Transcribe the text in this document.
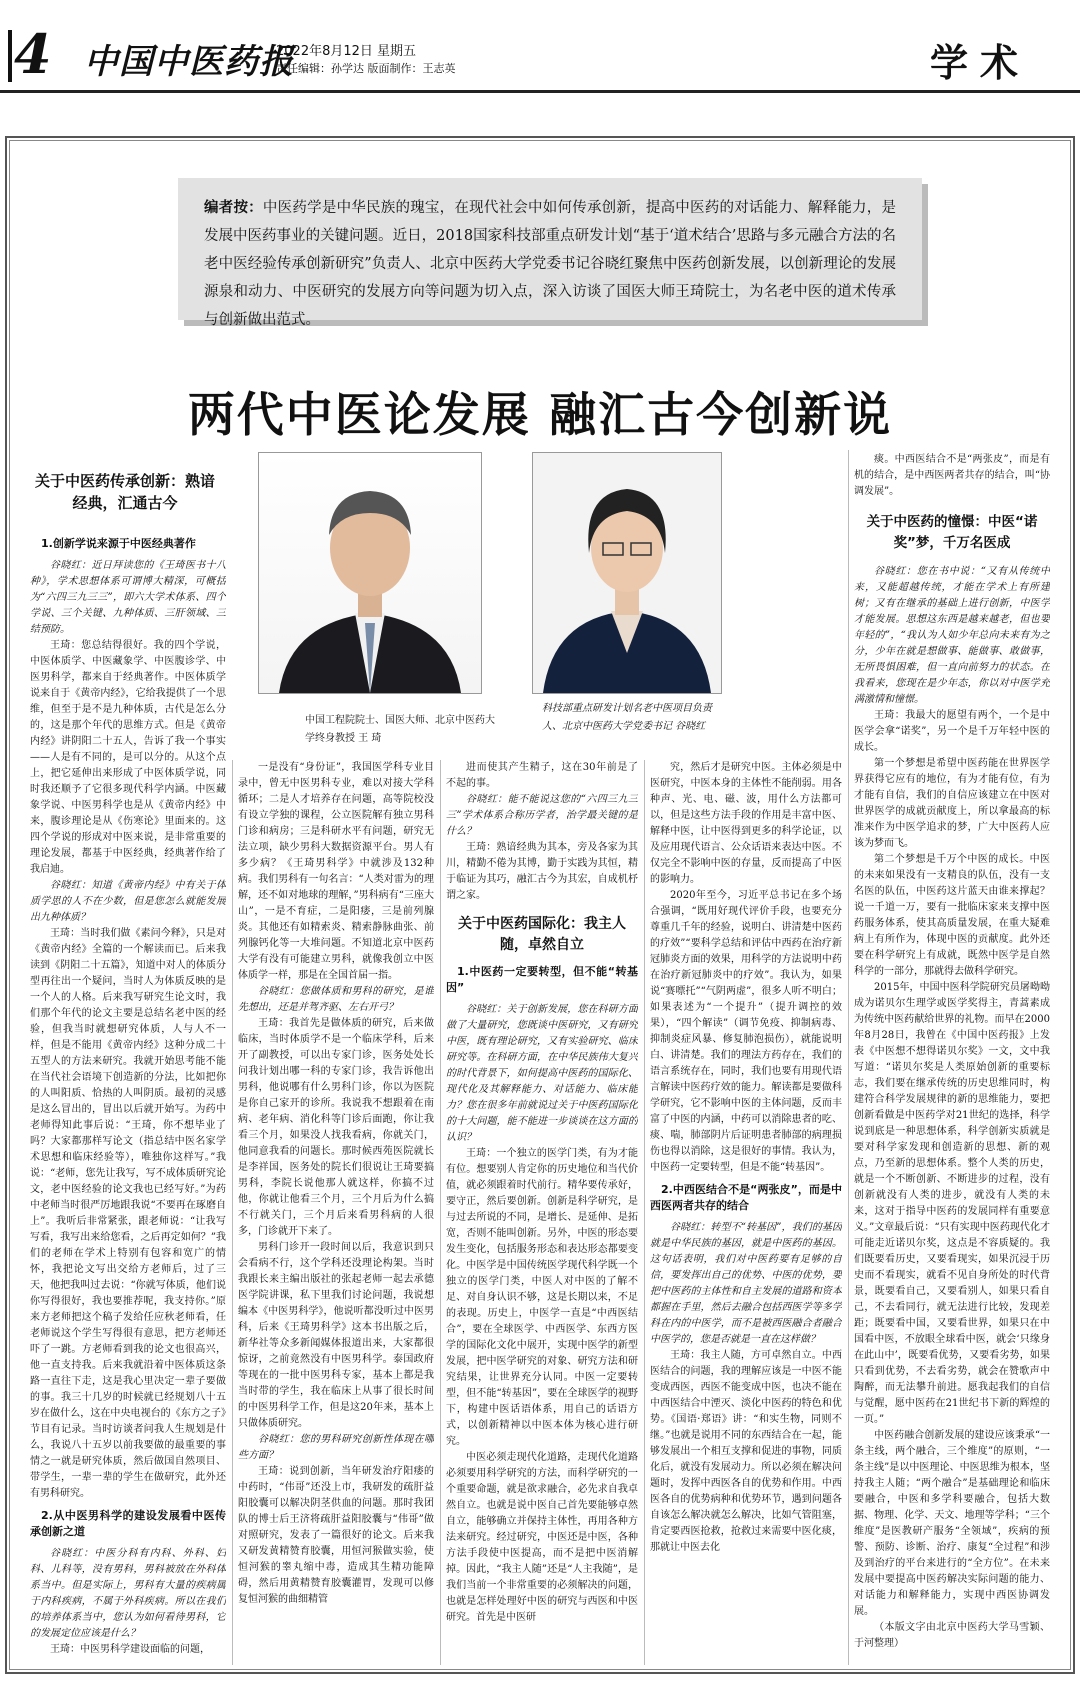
4 中国中医药报
2022年8月12日 星期五
责任编辑：孙学达 版面制作：王志英	学术
编者按：中医药学是中华民族的瑰宝，在现代社会中如何传承创新，提高中医药的对话能力、解释能力，是发展中医药事业的关键问题。近日，2018国家科技部重点研发计划“基于‘道术结合’思路与多元融合方法的名老中医经验传承创新研究”负责人、北京中医药大学党委书记谷晓红聚焦中医药创新发展，以创新理论的发展源泉和动力、中医研究的发展方向等问题为切入点，深入访谈了国医大师王琦院士，为名老中医的道术传承与创新做出范式。
两代中医论发展 融汇古今创新说
关于中医药传承创新：熟谙经典，汇通古今
1.创新学说来源于中医经典著作

谷晓红：近日拜读您的《王琦医书十八种》，学术思想体系可谓博大精深，可概括为“六四三九三三”，即六大学术体系、四个学说、三个关键、九种体质、三肝领域、三结预防。

王琦：您总结得很好。我的四个学说，中医体质学、中医藏象学、中医腹诊学、中医男科学，都来自于经典著作。中医体质学说来自于《黄帝内经》，它给我提供了一个思维，但至于是不是九种体质，古代是怎么分的，这是那个年代的思维方式。但是《黄帝内经》讲阴阳二十五人，告诉了我一个事实——人是有不同的，是可以分的。从这个点上，把它延伸出来形成了中医体质学说，同时我还顺予了它很多现代科学内涵。中医藏象学说、中医男科学也是从《黄帝内经》中来，腹诊理论是从《伤寒论》里面来的。这四个学说的形成对中医来说，是非常重要的理论发展，都基于中医经典，经典著作给了我启迪。

谷晓红：知道《黄帝内经》中有关于体质学思的人不在少数，但是您怎么就能发展出九种体质？

王琦：当时我们做《素问今释》，只是对《黄帝内经》全篇的一个解读而已。后来我读到《阴阳二十五篇》，知道中对人的体质分型再往出一个疑问，当时人为体质反映的是一个人的人格。后来我写研究生论文时，我们那个年代的论文主要是总结名老中医的经验，但我当时就想研究体质，人与人不一样，但是不能用《黄帝内经》这种分成二十五型人的方法来研究。我就开始思考能不能在当代社会语境下创造新的分法，比如把你的人叫阳质、恰热的人叫阴质。最初的灵感是这么冒出的，冒出以后就开始写。为药中老师得知此事后说：“王琦，你不想毕业了吗？大家都那样写论文（指总结中医名家学术思想和临床经验等），唯独你这样写。”我说：“老师，您先让我写，写不成体质研究论文，老中医经验的论文我也已经写好。”为药中老师当时很严厉地跟我说“不要再在琢磨自上”。我听后非常紧张，跟老师说：“让我写写看，我写出来给您看，之后再定如何？”我们的老师在学术上特别有包容和宽广的情怀，我把论文写出交给方老师后，过了三天，他把我叫过去说：“你就写体质，他们说你写得很好，我也要推荐呢，我支持你。”原来方老师把这个稿子发给任应秋老师看，任老师说这个学生写得很有意思，把方老师还吓了一跳。方老师看到我的论文也很高兴，他一直支持我。后来我就沿着中医体质这条路一直往下走，这是我心里决定一辈子要做的事。我三十几岁的时候就已经规划八十五岁在做什么，这在中央电视台的《东方之子》节目有记录。当时访谈者问我人生规划是什么，我说八十五岁以前我要做的最重要的事情之一就是研究体质，然后做国自然项目、带学生，一辈一辈的学生在做研究，此外还有男科研究。

2.从中医男科学的建设发展看中医传承创新之道

谷晓红：中医分科有内科、外科、妇科、儿科等，没有男科，男科被放在外科体系当中。但是实际上，男科有大量的疾病属于内科疾病，不属于外科疾病。所以在我们的培养体系当中，您认为如何看待男科，它的发展定位应该是什么？

王琦：中医男科学建设面临的问题，

中国工程院院士、国医大师、北京中医药大学终身教授 王 琦
科技部重点研发计划名老中医项目负责人、北京中医药大学党委书记 谷晓红

一是没有“身份证”，我国医学科专业目录中，曾无中医男科专业，难以对接大学科循环；二是人才培养存在问题，高等院校没有设立学独的课程，公立医院解有独立男科门诊和病房；三是科研水平有问题，研究无法立项，缺少男科大数据资源平台。男人有多少病？《王琦男科学》中就涉及132种病。我们男科有一句名言：“人类对雷为的理解，还不如对地球的理解，”男科病有“三座大山”，一是不育症，二是阳痿，三是前列腺炎。其他还有如精索炎、精索静脉曲张、前列腺钙化等一大堆问题。不知道北京中医药大学有没有可能建立男科，就像我创立中医体质学一样，那是在全国首届一指。

谷晓红：您做体质和男科的研究，是谁先想出，还是并驾齐驱、左右开弓？

王琦：我首先是做体质的研究，后来做临床，当时体质学不是一个临床学科，后来开了副教授，可以出专家门诊，医务处处长问我计划出哪一科的专家门诊，我告诉他出男科，他说哪有什么男科门诊，你以为医院是你自己家开的诊所。我说我不想跟着在南病、老年病、消化科等门诊后面跑，你让我看三个月，如果没人找我看病，你就关门，他同意我看的问题长。那时候西苑医院就长是李祥国，医务处的院长们很说让王琦要搞男科，李院长说他那人就这样，你搞不过他，你就让他看三个月，三个月后为什么搞不行就关门，三个月后来看男科病的人很多，门诊就开下来了。

男科门诊开一段时间以后，我意识到只会看病不行，这个学科还没理论构架。当时我跟长来主编出版社的张起老师一起去承德医学院讲课，私下里我们讨论问题，我说想编本《中医男科学》，他说听都没听过中医男科，后来《王琦男科学》这本书出版之后，新华社等众多新闻媒体报道出来，大家都很惊讶，之前竟然没有中医男科学。泰国政府等现在的一批中医男科专家，基本上都是我当时带的学生，我在临床上从事了很长时间的中医男科学工作，但是这20年来，基本上只做体质研究。

谷晓红：您的男科研究创新性体现在哪些方面？

王琦：说到创新，当年研发治疗阳痿的中药时，“伟哥”还没上市，我研发的疏肝益阳胶囊可以解决阴茎供血的问题。那时我团队的博士后王济将疏肝益阳胶囊与“伟哥”做对照研究，发表了一篇很好的论文。后来我又研发黄精赞育胶囊，用恒河猴做实验，使恒河猴的睾丸缩中毒，造成其生精功能障碍，然后用黄精赞育胶囊灌胃，发现可以修复恒河猴的曲细精管

进而使其产生精子，这在30年前是了不起的事。

谷晓红：能不能说这您的“六四三九三三”学术体系合称历学者，治学最关键的是什么？

王琦：熟谙经典为其本，旁及各家为其川，精勤不倦为其博，勤于实践为其恒，精于临证为其巧，融汇古今为其宏，自成机杼谓之家。

关于中医药国际化：我主人随，卓然自立
1.中医药一定要转型，但不能“转基因”

谷晓红：关于创新发展，您在科研方面做了大量研究，您既谈中医研究，又有研究中医，既有理论研究，又有实验研究、临床研究等。在科研方面，在中华民族伟大复兴的时代背景下，如何提高中医药的国际化、现代化及其解释能力、对话能力、临床能力？您在很多年前就说过关于中医药国际化的十大问题，能不能进一步谈谈在这方面的认识？

王琦：一个独立的医学门类，有为才能有位。想要别人肯定你的历史地位和当代价值，就必须跟着时代前行。精华要传承好，要守正，然后要创新。创新是科学研究，是与过去所说的不同，是增长、是延伸、是拓宽，否则不能叫创新。另外，中医的形态要发生变化，包括服务形态和表达形态都要变化。中医学是中国传统医学现代科学既一个独立的医学门类，中医人对中医的了解不足、对自身认识不够，这是长期以来，不足的表现。历史上，中医学一直是“中西医结合”，要在全球医学、中西医学、东西方医学的国际化文化中展开，实现中医学的新型发展，把中医学研究的对象、研究方法和研究结果，让世界充分认同。中医一定要转型，但不能“转基因”，要在全球医学的视野下，构建中医话语体系，用自己的话语方式，以创新精神以中医本体为核心进行研究。

中医必须走现代化道路，走现代化道路必须要用科学研究的方法，而科学研究的一个重要命题，就是欲求融合，必先求自我卓然自立。也就是说中医自己首先要能够卓然自立，能够确立并保持主体性，再用各种方法来研究。经过研究，中医还是中医，各种方法手段使中医提高，而不是把中医消解掉。因此，“我主人随”还是“人主我随”，是我们当前一个非常重要的必须解决的问题，也就是怎样处理好中医的研究与西医和中医研究。首先是中医研

究，然后才是研究中医。主体必须是中医研究，中医本身的主体性不能削弱。用各种声、光、电、磁、波，用什么方法都可以，但是这些方法手段的作用是丰富中医、解释中医，让中医得到更多的科学论证，以及应用现代语言、公众话语来表达中医。不仅完全不影响中医的存量，反而提高了中医的影响力。

2020年至今，习近平总书记在多个场合强调，“既用好现代评价手段，也要充分尊重几千年的经验，说明白、讲清楚中医药的疗效”“要科学总结和评估中西药在治疗新冠肺炎方面的效果，用科学的方法说明中药在治疗新冠肺炎中的疗效”。我认为，如果说“赛嘌托”“气阴两虚”，很多人听不明白；如果表述为“一个提升”（提升调控的效果），“四个解读”（调节免疫、抑制病毒、抑制炎症风暴、修复肺泡损伤），就能说明白、讲清楚。我们的理法方药存在，我们的语言系统存在，同时，我们也要有用现代语言解读中医药疗效的能力。解读都是要做科学研究，它不影响中医的主体问题，反而丰富了中医的内涵，中药可以消除患者的吃、痰、喘，肺部阴片后证明患者肺部的病理损伤也得以消除，这是很好的事情。我认为，中医药一定要转型，但是不能“转基因”。

2.中西医结合不是“两张皮”，而是中西医两者共存的结合

谷晓红：转型不“转基因”，我们的基因就是中华民族的基因，就是中医药的基因。这句话表明，我们对中医药要有足够的自信，要发挥出自己的优势、中医的优势，要把中医药的主体性和自主发展的道路和资本都握在手里，然后去融合包括西医学等多学科在内的中医学，而不是被西医融合者融合中医学的，您是否就是一直在这样做？

王琦：我主人随，方可卓然自立。中西医结合的问题，我的理解应该是一中医不能变成西医，西医不能变成中医，也决不能在中西医结合中湮灭、淡化中医药的特色和优势。《国语·郑语》讲：“和实生物，同则不继。”也就是说用不同的东西结合在一起，能够发展出一个相互支撑和促进的事物，同质化后，就没有发展动力。所以必须在解决问题时，发挥中西医各自的优势和作用。中西医各自的优势病种和优势环节，遇到问题各自该怎么解决就怎么解决，比如气管阻塞，肯定要西医抢救，抢救过来需要中医化痰，那就让中医去化

痰。中西医结合不是“两张皮”，而是有机的结合，是中西医两者共存的结合，叫“协调发展”。

关于中医药的憧憬：中医“诺奖”梦，千万名医成

谷晓红：您在书中说：“又有从传统中来，又能超越传统，才能在学术上有所建树；又有在继承的基础上进行创新，中医学才能发展。思想这东西是越来越老，但也要年轻的”，“我认为人如少年总向未来有为之分，少年在就是想做事、能做事、敢做事，无所畏惧困难，但一直向前努力的状态。在我看来，您现在是少年态，你以对中医学充满激情和憧憬。

王琦：我最大的愿望有两个，一个是中医学会拿“诺奖”，另一个是千万年轻中医的成长。

第一个梦想是希望中医药能在世界医学界获得它应有的地位，有为才能有位，有为才能有自信，我们的自信应该建立在中医对世界医学的成就贡献度上，所以拿最高的标准来作为中医学追求的梦，广大中医药人应该为梦而飞。

第二个梦想是千万个中医的成长。中医的未来如果没有一支精良的队伍，没有一支名医的队伍，中医药这片蓝天由谁来撑起？说一千道一万，要有一批临床家来支撑中医药服务体系，使其高质量发展，在重大疑难病上有所作为，体现中医的贡献度。此外还要在科学研究上有成就，既然中医学是自然科学的一部分，那就得去做科学研究。

2015年，中国中医科学院研究员屠呦呦成为诺贝尔生理学或医学奖得主，青蒿素成为传统中医药献给世界的礼物。而早在2000年8月28日，我曾在《中国中医药报》上发表《中医想不想得诺贝尔奖》一文，文中我写道：“诺贝尔奖是人类原始创新的重要标志，我们要在继承传统的历史思维同时，构建符合科学发展规律的新的思维能力，要把创新看做是中医药学对21世纪的选择，科学说到底是一种思想体系，科学创新实质就是要对科学家发现和创造新的思想、新的观点，乃至新的思想体系。整个人类的历史，就是一个不断创新、不断进步的过程，没有创新就没有人类的进步，就没有人类的未来，这对于指导中医药的发展同样有重要意义。”文章最后说：“只有实现中医药现代化才可能走近诺贝尔奖，这点是不容质疑的。我们既要看历史，又要看现实，如果沉浸于历史而不看现实，就看不见自身所处的时代背景，既要看自己，又要看别人，如果只看自己，不去看同行，就无法进行比较，发现差距；既要看中国，又要看世界，如果只在中国看中医，不放眼全球看中医，就会‘只缘身在此山中’，既要看优势，又要看劣势，如果只看到优势，不去看劣势，就会在赞歌声中陶醉，而无法攀升前进。愿我起我们的自信与觉醒，愿中医药在21世纪书下新的辉煌的一页。”

中医药融合创新发展的建设应该秉承“一条主线，两个融合，三个维度”的原则，“一条主线”是以中医理论、中医思维为根本，坚持我主人随；“两个融合”是基础理论和临床要融合，中医和多学科要融合，包括大数据、物理、化学、天文、地理等学科；“三个维度”是医教研产服务“全领域”，疾病的预警、预防、诊断、治疗、康复“全过程”和涉及到治疗的平台来进行的“全方位”。在未来发展中要提高中医药解决实际问题的能力、对话能力和解释能力，实现中西医协调发展。

（本版文字由北京中医药大学马雪颖、于河整理）
